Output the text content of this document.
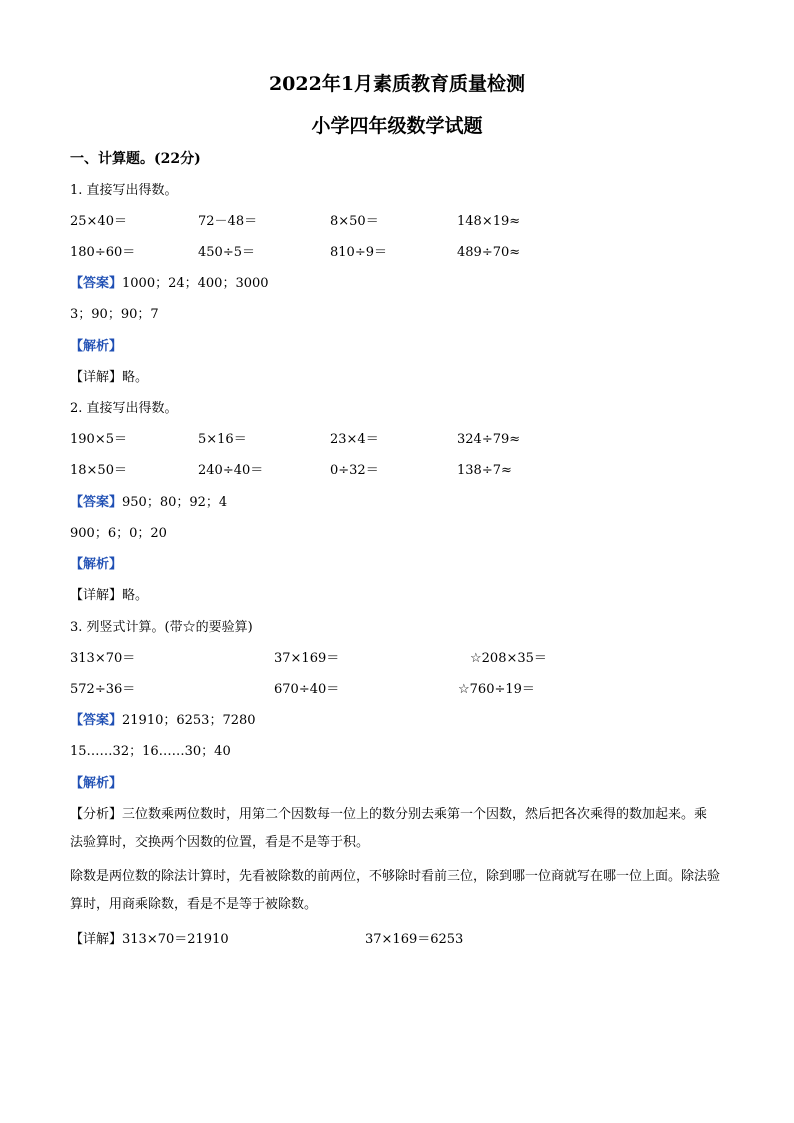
2022年1月素质教育质量检测
小学四年级数学试题
一、计算题。(22分)
1. 直接写出得数。
25×40＝	72－48＝	8×50＝	148×19≈
180÷60＝	450÷5＝	810÷9＝	489÷70≈
【答案】1000；24；400；3000
3；90；90；7
【解析】
【详解】略。
2. 直接写出得数。
190×5＝	5×16＝	23×4＝	324÷79≈
18×50＝	240÷40＝	0÷32＝	138÷7≈
【答案】950；80；92；4
900；6；0；20
【解析】
【详解】略。
3. 列竖式计算。(带☆的要验算)
313×70＝	37×169＝	☆208×35＝
572÷36＝	670÷40＝	☆760÷19＝
【答案】21910；6253；7280
15……32；16……30；40
【解析】
【分析】三位数乘两位数时，用第二个因数每一位上的数分别去乘第一个因数，然后把各次乘得的数加起来。乘法验算时，交换两个因数的位置，看是不是等于积。
除数是两位数的除法计算时，先看被除数的前两位，不够除时看前三位，除到哪一位商就写在哪一位上面。除法验算时，用商乘除数，看是不是等于被除数。
【详解】313×70＝21910	37×169＝6253
